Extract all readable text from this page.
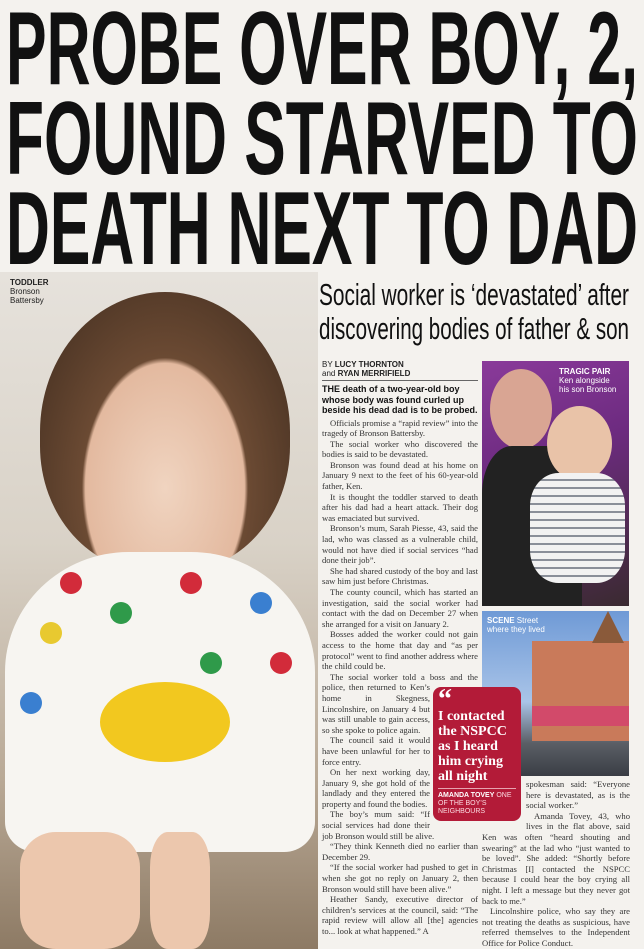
PROBE OVER BOY, 2,
FOUND STARVED TO
DEATH NEXT TO DAD
TODDLER
Bronson Battersby	Social worker is ‘devastated’ after
discovering bodies of father & son
BY LUCY THORNTON
and RYAN MERRIFIELD

THE death of a two-year-old boy whose body was found curled up beside his dead dad is to be probed.

Officials promise a “rapid review” into the tragedy of Bronson Battersby.

The social worker who discovered the bodies is said to be devastated.

Bronson was found dead at his home on January 9 next to the feet of his 60-year-old father, Ken.

It is thought the toddler starved to death after his dad had a heart attack. Their dog was emaciated but survived.

Bronson’s mum, Sarah Piesse, 43, said the lad, who was classed as a vulnerable child, would not have died if social services “had done their job”.

She had shared custody of the boy and last saw him just before Christmas.

The county council, which has started an investigation, said the social worker had contact with the dad on December 27 when she arranged for a visit on January 2.

Bosses added the worker could not gain access to the home that day and “as per protocol” went to find another address where the child could be.

The social worker told a boss and the police, then returned to Ken’s home in Skegness, Lincolnshire, on January 4 but was still unable to gain access, so she spoke to police again.

The council said it would have been unlawful for her to force entry.

On her next working day, January 9, she got hold of the landlady and they entered the property and found the bodies.

The boy’s mum said: “If social services had done their job Bronson would still be alive.

“They think Kenneth died no earlier than December 29.

“If the social worker had pushed to get in when she got no reply on January 2, then Bronson would still have been alive.”

Heather Sandy, executive director of children’s services at the council, said: “The rapid review will allow all [the] agencies to... look at what happened.” A

TRAGIC PAIR
Ken alongside his son Bronson
SCENE Street where they lived
“
I contacted the NSPCC as I heard him crying all night
AMANDA TOVEY ONE OF THE BOY’S NEIGHBOURS

spokesman said: “Everyone here is devastated, as is the social worker.”

Amanda Tovey, 43, who lives in the flat above, said Ken was often “heard shouting and swearing” at the lad who “just wanted to be loved”. She added: “Shortly before Christmas [I] contacted the NSPCC because I could hear the boy crying all night. I left a message but they never got back to me.”

Lincolnshire police, who say they are not treating the deaths as suspicious, have referred themselves to the Independent Office for Police Conduct.
